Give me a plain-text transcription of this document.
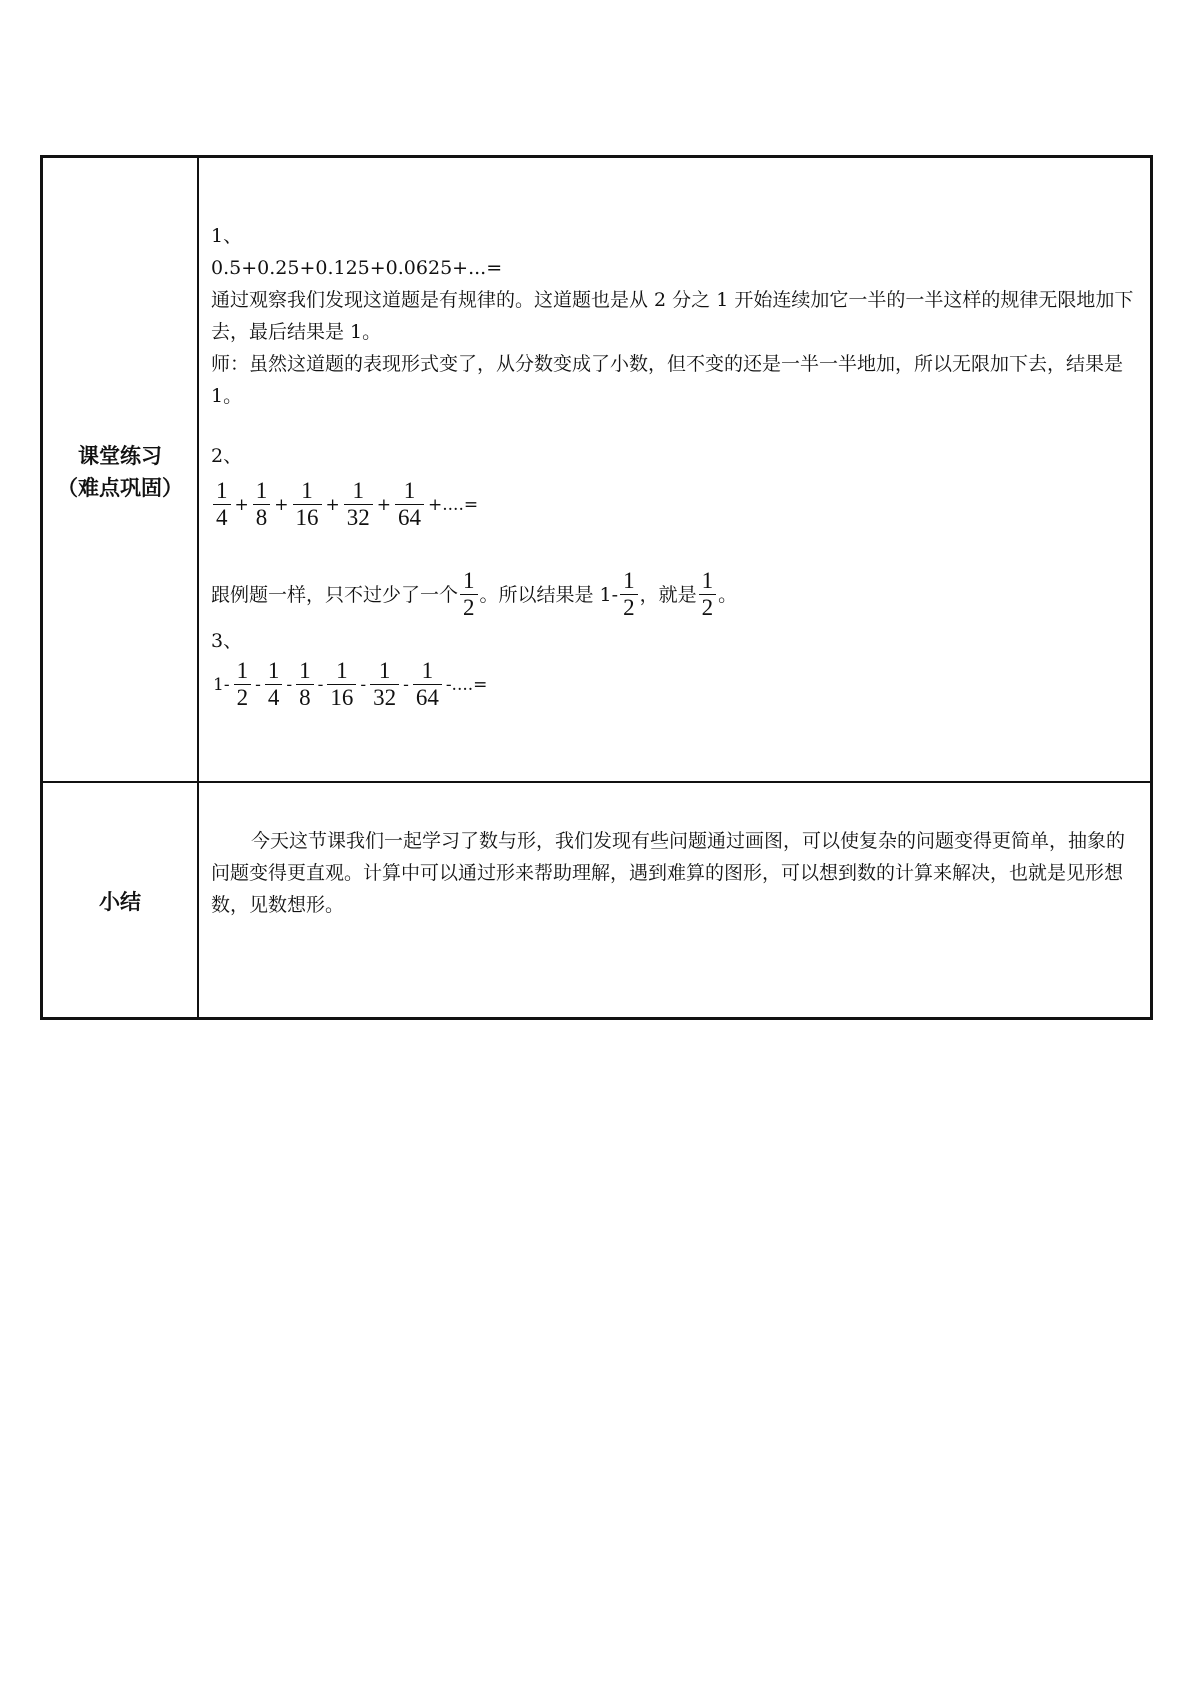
课堂练习
（难点巩固）
小结
1、
0.5+0.25+0.125+0.0625+...=
通过观察我们发现这道题是有规律的。这道题也是从 2 分之 1 开始连续加它一半的一半这样的规律无限地加下去，最后结果是 1。
师：虽然这道题的表现形式变了，从分数变成了小数，但不变的还是一半一半地加，所以无限加下去，结果是 1。
2、
$\frac{1}{4} + \frac{1}{8} + \frac{1}{16} + \frac{1}{32} + \frac{1}{64}$ +....=
跟例题一样，只不过少了一个 $\frac{1}{2}$ 。所以结果是 $1- \frac{1}{2}$ ，就是 $\frac{1}{2}$ 。
3、
$1- \frac{1}{2} - \frac{1}{4} - \frac{1}{8} - \frac{1}{16} - \frac{1}{32} - \frac{1}{64}$ -....=
今天这节课我们一起学习了数与形，我们发现有些问题通过画图，可以使复杂的问题变得更简单，抽象的问题变得更直观。计算中可以通过形来帮助理解，遇到难算的图形，可以想到数的计算来解决，也就是见形想数，见数想形。
